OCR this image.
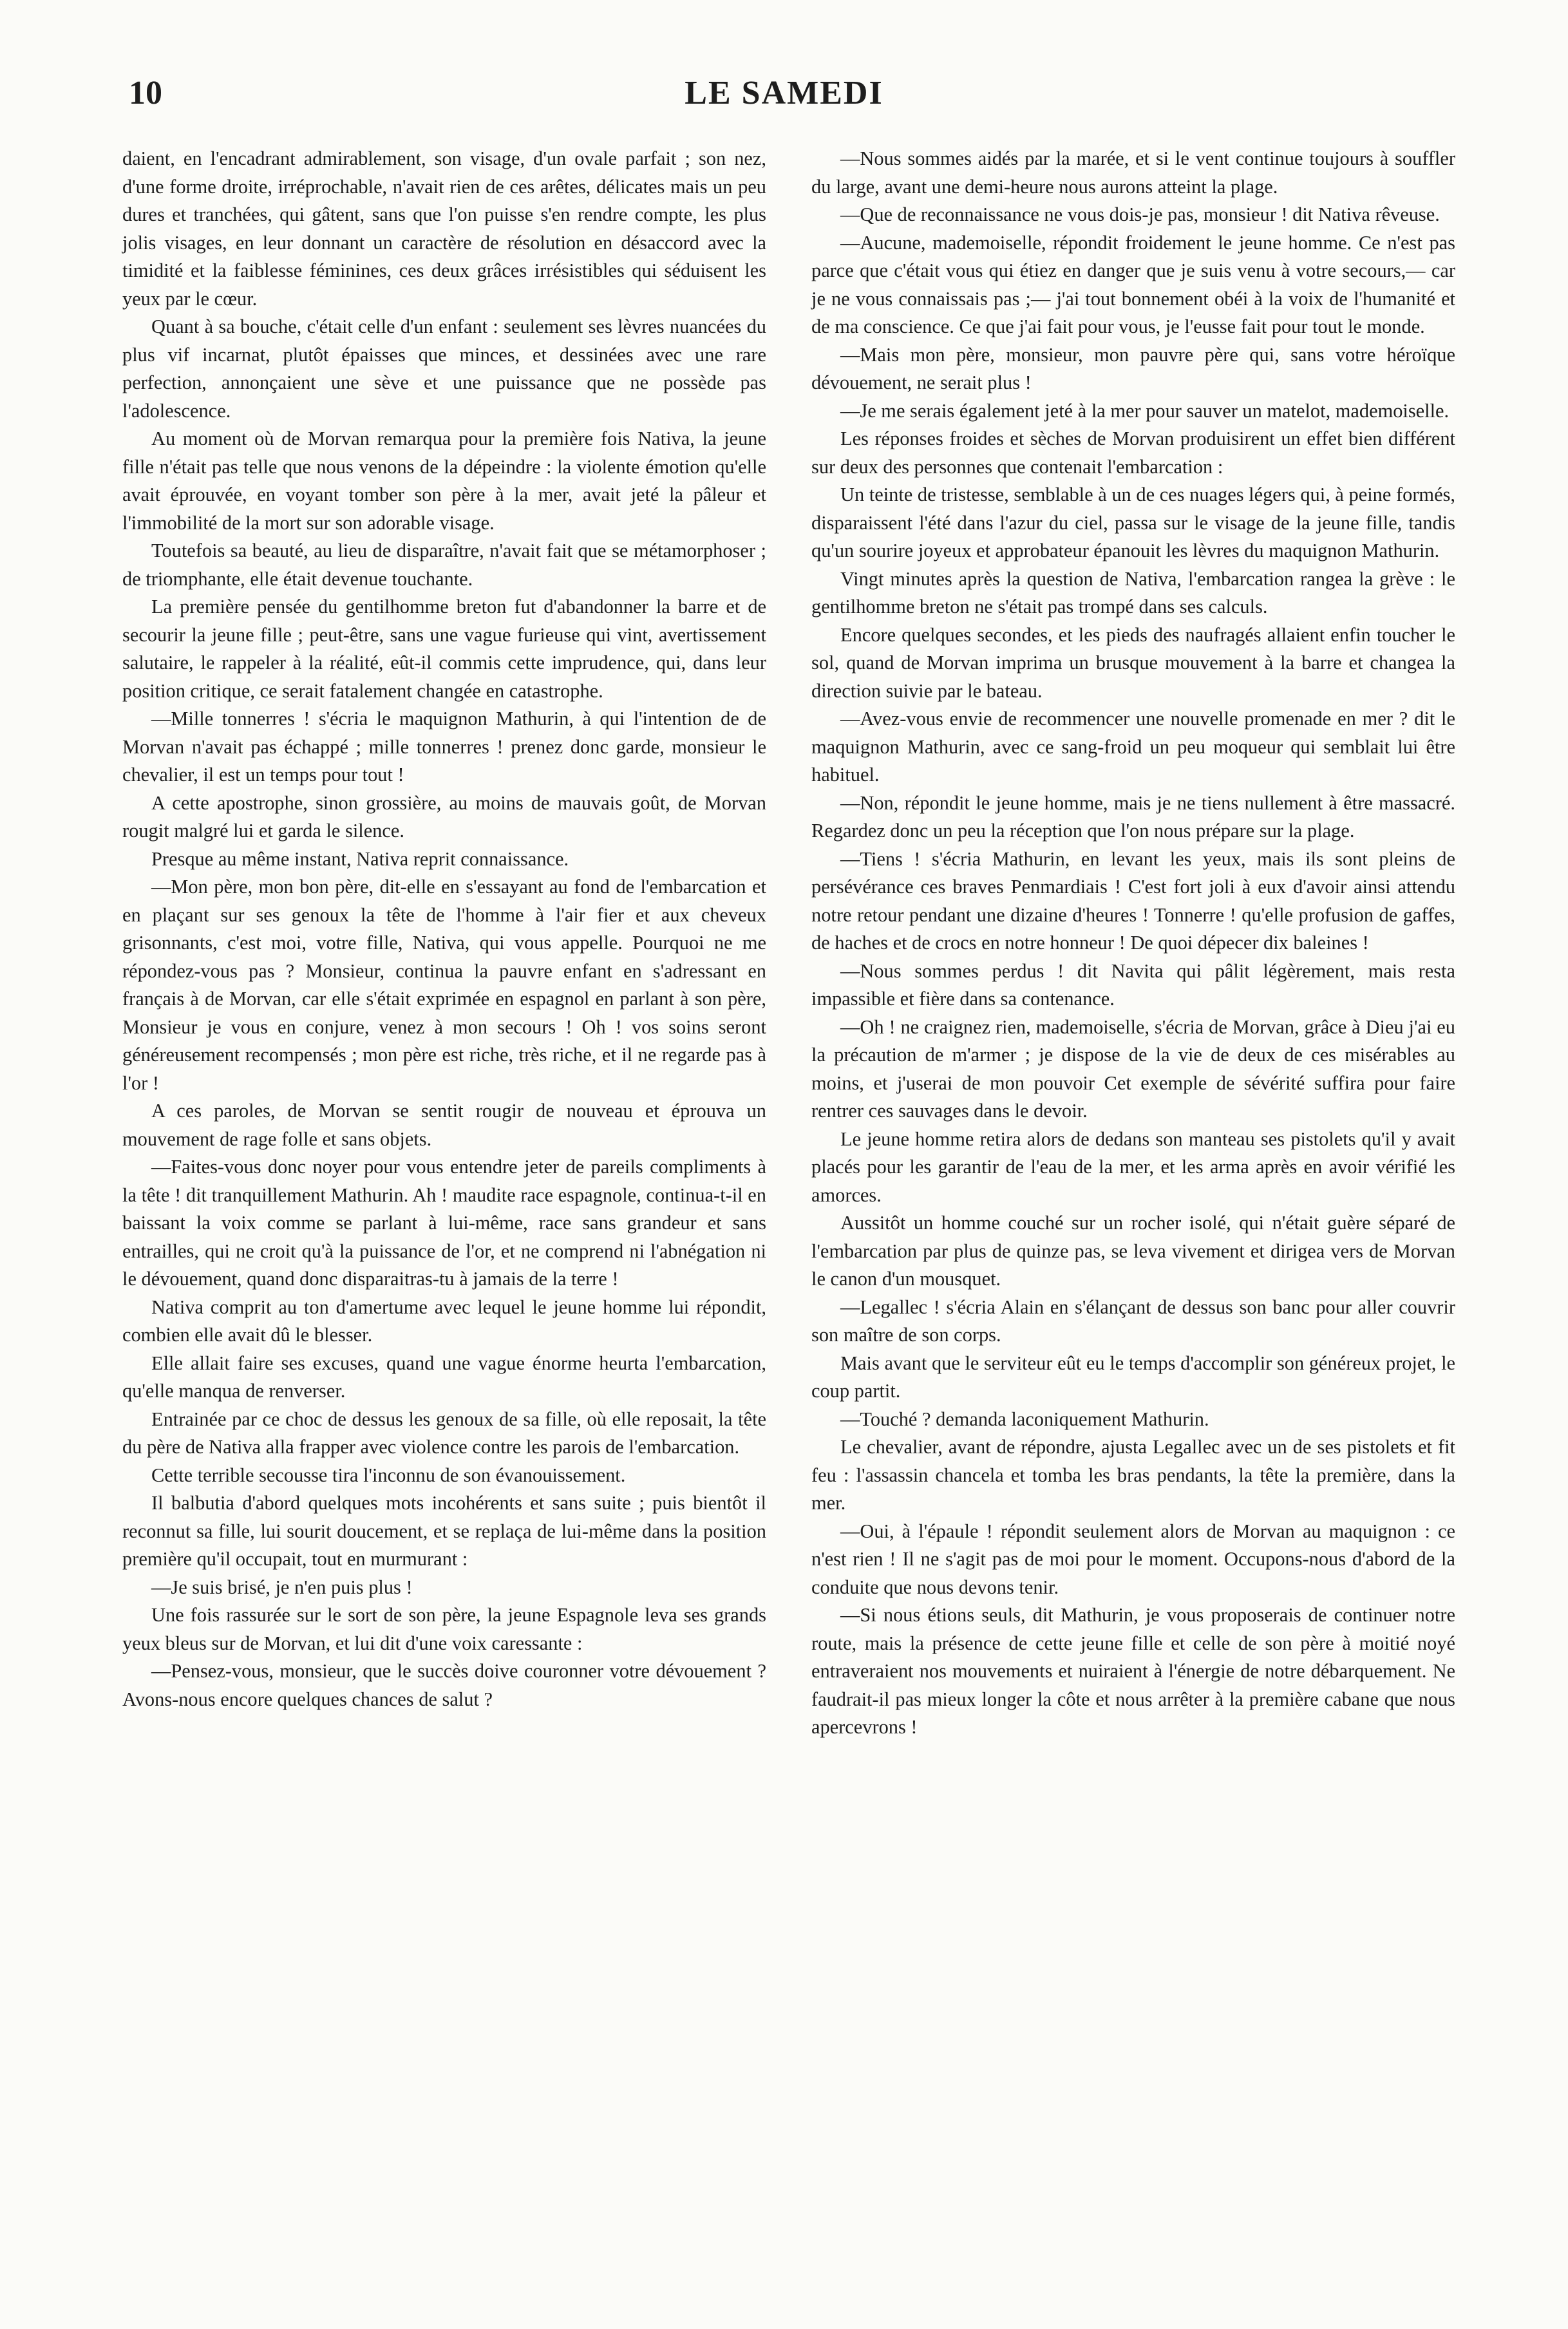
10	LE SAMEDI

daient, en l'encadrant admirablement, son visage, d'un ovale parfait ; son nez, d'une forme droite, irréprochable, n'avait rien de ces arêtes, délicates mais un peu dures et tranchées, qui gâtent, sans que l'on puisse s'en rendre compte, les plus jolis visages, en leur donnant un caractère de résolution en désaccord avec la timidité et la faiblesse féminines, ces deux grâces irrésistibles qui séduisent les yeux par le cœur.

Quant à sa bouche, c'était celle d'un enfant : seulement ses lèvres nuancées du plus vif incarnat, plutôt épaisses que minces, et dessinées avec une rare perfection, annonçaient une sève et une puissance que ne possède pas l'adolescence.

Au moment où de Morvan remarqua pour la première fois Nativa, la jeune fille n'était pas telle que nous venons de la dépeindre : la violente émotion qu'elle avait éprouvée, en voyant tomber son père à la mer, avait jeté la pâleur et l'immobilité de la mort sur son adorable visage.

Toutefois sa beauté, au lieu de disparaître, n'avait fait que se métamorphoser ; de triomphante, elle était devenue touchante.

La première pensée du gentilhomme breton fut d'abandonner la barre et de secourir la jeune fille ; peut-être, sans une vague furieuse qui vint, avertissement salutaire, le rappeler à la réalité, eût-il commis cette imprudence, qui, dans leur position critique, ce serait fatalement changée en catastrophe.

—Mille tonnerres ! s'écria le maquignon Mathurin, à qui l'intention de de Morvan n'avait pas échappé ; mille tonnerres ! prenez donc garde, monsieur le chevalier, il est un temps pour tout !

A cette apostrophe, sinon grossière, au moins de mauvais goût, de Morvan rougit malgré lui et garda le silence.

Presque au même instant, Nativa reprit connaissance.

—Mon père, mon bon père, dit-elle en s'essayant au fond de l'embarcation et en plaçant sur ses genoux la tête de l'homme à l'air fier et aux cheveux grisonnants, c'est moi, votre fille, Nativa, qui vous appelle. Pourquoi ne me répondez-vous pas ? Monsieur, continua la pauvre enfant en s'adressant en français à de Morvan, car elle s'était exprimée en espagnol en parlant à son père, Monsieur je vous en conjure, venez à mon secours ! Oh ! vos soins seront généreusement recompensés ; mon père est riche, très riche, et il ne regarde pas à l'or !

A ces paroles, de Morvan se sentit rougir de nouveau et éprouva un mouvement de rage folle et sans objets.

—Faites-vous donc noyer pour vous entendre jeter de pareils compliments à la tête ! dit tranquillement Mathurin. Ah ! maudite race espagnole, continua-t-il en baissant la voix comme se parlant à lui-même, race sans grandeur et sans entrailles, qui ne croit qu'à la puissance de l'or, et ne comprend ni l'abnégation ni le dévouement, quand donc disparaitras-tu à jamais de la terre !

Nativa comprit au ton d'amertume avec lequel le jeune homme lui répondit, combien elle avait dû le blesser.

Elle allait faire ses excuses, quand une vague énorme heurta l'embarcation, qu'elle manqua de renverser.

Entrainée par ce choc de dessus les genoux de sa fille, où elle reposait, la tête du père de Nativa alla frapper avec violence contre les parois de l'embarcation.

Cette terrible secousse tira l'inconnu de son évanouissement.

Il balbutia d'abord quelques mots incohérents et sans suite ; puis bientôt il reconnut sa fille, lui sourit doucement, et se replaça de lui-même dans la position première qu'il occupait, tout en murmurant :

—Je suis brisé, je n'en puis plus !

Une fois rassurée sur le sort de son père, la jeune Espagnole leva ses grands yeux bleus sur de Morvan, et lui dit d'une voix caressante :

—Pensez-vous, monsieur, que le succès doive couronner votre dévouement ? Avons-nous encore quelques chances de salut ?

—Nous sommes aidés par la marée, et si le vent continue toujours à souffler du large, avant une demi-heure nous aurons atteint la plage.

—Que de reconnaissance ne vous dois-je pas, monsieur ! dit Nativa rêveuse.

—Aucune, mademoiselle, répondit froidement le jeune homme. Ce n'est pas parce que c'était vous qui étiez en danger que je suis venu à votre secours,— car je ne vous connaissais pas ;— j'ai tout bonnement obéi à la voix de l'humanité et de ma conscience. Ce que j'ai fait pour vous, je l'eusse fait pour tout le monde.

—Mais mon père, monsieur, mon pauvre père qui, sans votre héroïque dévouement, ne serait plus !

—Je me serais également jeté à la mer pour sauver un matelot, mademoiselle.

Les réponses froides et sèches de Morvan produisirent un effet bien différent sur deux des personnes que contenait l'embarcation :

Un teinte de tristesse, semblable à un de ces nuages légers qui, à peine formés, disparaissent l'été dans l'azur du ciel, passa sur le visage de la jeune fille, tandis qu'un sourire joyeux et approbateur épanouit les lèvres du maquignon Mathurin.

Vingt minutes après la question de Nativa, l'embarcation rangea la grève : le gentilhomme breton ne s'était pas trompé dans ses calculs.

Encore quelques secondes, et les pieds des naufragés allaient enfin toucher le sol, quand de Morvan imprima un brusque mouvement à la barre et changea la direction suivie par le bateau.

—Avez-vous envie de recommencer une nouvelle promenade en mer ? dit le maquignon Mathurin, avec ce sang-froid un peu moqueur qui semblait lui être habituel.

—Non, répondit le jeune homme, mais je ne tiens nullement à être massacré. Regardez donc un peu la réception que l'on nous prépare sur la plage.

—Tiens ! s'écria Mathurin, en levant les yeux, mais ils sont pleins de persévérance ces braves Penmardiais ! C'est fort joli à eux d'avoir ainsi attendu notre retour pendant une dizaine d'heures ! Tonnerre ! qu'elle profusion de gaffes, de haches et de crocs en notre honneur ! De quoi dépecer dix baleines !

—Nous sommes perdus ! dit Navita qui pâlit légèrement, mais resta impassible et fière dans sa contenance.

—Oh ! ne craignez rien, mademoiselle, s'écria de Morvan, grâce à Dieu j'ai eu la précaution de m'armer ; je dispose de la vie de deux de ces misérables au moins, et j'userai de mon pouvoir Cet exemple de sévérité suffira pour faire rentrer ces sauvages dans le devoir.

Le jeune homme retira alors de dedans son manteau ses pistolets qu'il y avait placés pour les garantir de l'eau de la mer, et les arma après en avoir vérifié les amorces.

Aussitôt un homme couché sur un rocher isolé, qui n'était guère séparé de l'embarcation par plus de quinze pas, se leva vivement et dirigea vers de Morvan le canon d'un mousquet.

—Legallec ! s'écria Alain en s'élançant de dessus son banc pour aller couvrir son maître de son corps.

Mais avant que le serviteur eût eu le temps d'accomplir son généreux projet, le coup partit.

—Touché ? demanda laconiquement Mathurin.

Le chevalier, avant de répondre, ajusta Legallec avec un de ses pistolets et fit feu : l'assassin chancela et tomba les bras pendants, la tête la première, dans la mer.

—Oui, à l'épaule ! répondit seulement alors de Morvan au maquignon : ce n'est rien ! Il ne s'agit pas de moi pour le moment. Occupons-nous d'abord de la conduite que nous devons tenir.

—Si nous étions seuls, dit Mathurin, je vous proposerais de continuer notre route, mais la présence de cette jeune fille et celle de son père à moitié noyé entraveraient nos mouvements et nuiraient à l'énergie de notre débarquement. Ne faudrait-il pas mieux longer la côte et nous arrêter à la première cabane que nous apercevrons !
